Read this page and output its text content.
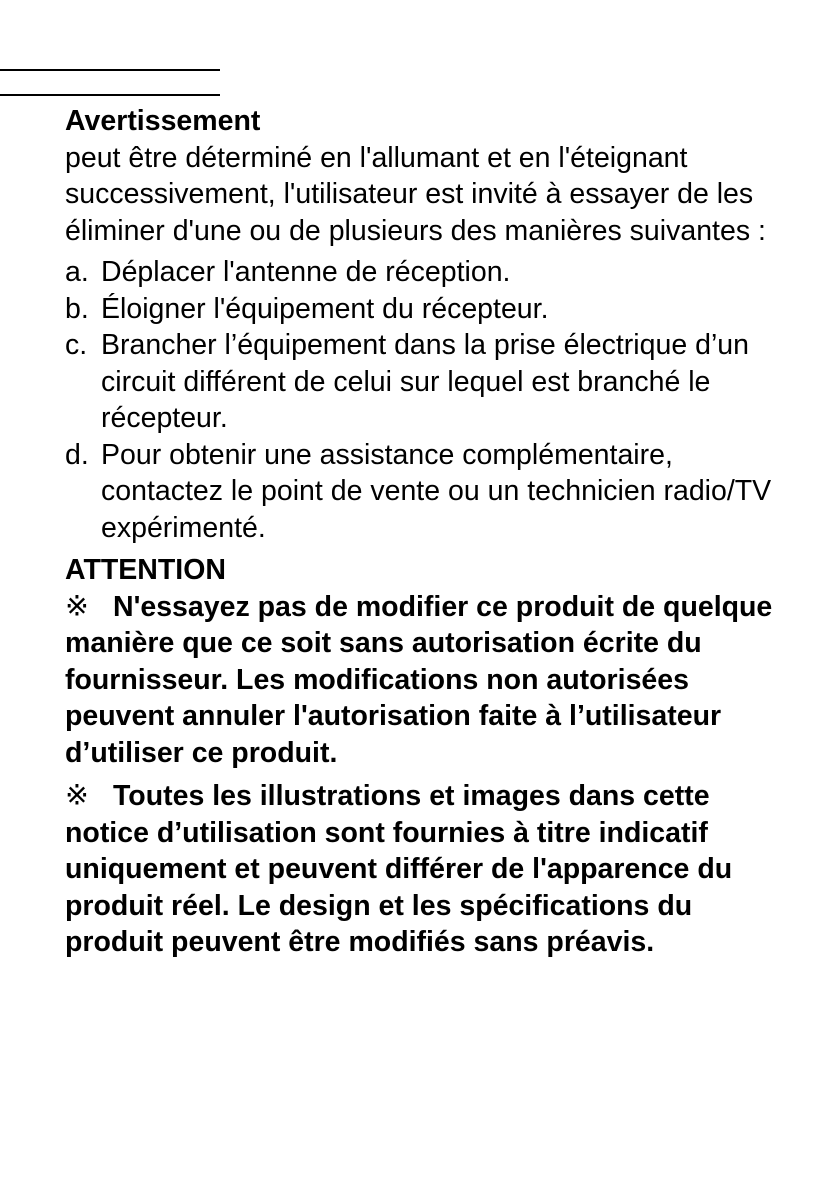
Avertissement

peut être déterminé en l'allumant et en l'éteignant successivement, l'utilisateur est invité à essayer de les éliminer d'une ou de plusieurs des manières suivantes :

a. Déplacer l'antenne de réception.
b. Éloigner l'équipement du récepteur.
c. Brancher l’équipement dans la prise électrique d’un circuit différent de celui sur lequel est branché le récepteur.
d. Pour obtenir une assistance complémentaire, contactez le point de vente ou un technicien radio/TV expérimenté.
ATTENTION

※ N'essayez pas de modifier ce produit de quelque manière que ce soit sans autorisation écrite du fournisseur. Les modifications non autorisées peuvent annuler l'autorisation faite à l’utilisateur d’utiliser ce produit.

※ Toutes les illustrations et images dans cette notice d’utilisation sont fournies à titre indicatif uniquement et peuvent différer de l'apparence du produit réel. Le design et les spécifications du produit peuvent être modifiés sans préavis.
